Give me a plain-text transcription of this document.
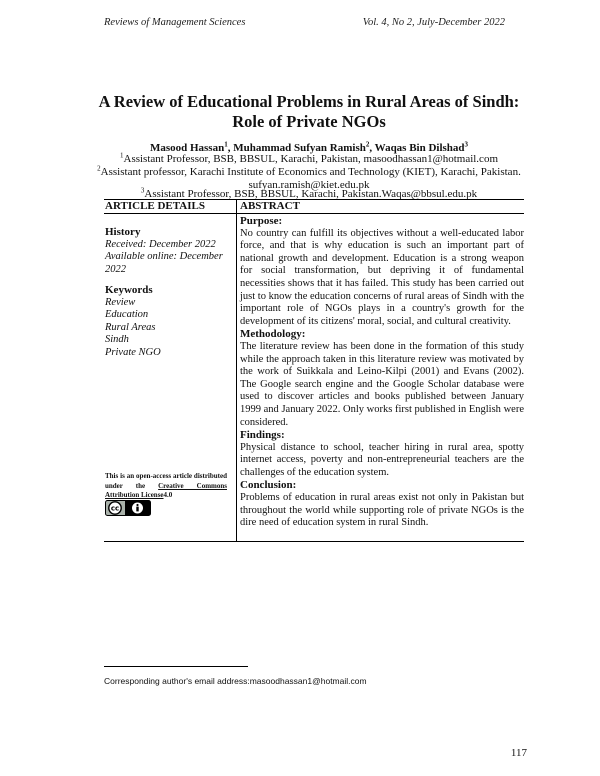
Reviews of Management Sciences	Vol. 4, No 2, July-December 2022
A Review of Educational Problems in Rural Areas of Sindh:
Role of Private NGOs
Masood Hassan$^1$, Muhammad Sufyan Ramish$^2$, Waqas Bin Dilshad$^3$
$^1$Assistant Professor, BSB, BBSUL, Karachi, Pakistan, masoodhassan1@hotmail.com
$^2$Assistant professor, Karachi Institute of Economics and Technology (KIET), Karachi, Pakistan.
sufyan.ramish@kiet.edu.pk
$^3$Assistant Professor, BSB, BBSUL, Karachi, Pakistan.Waqas@bbsul.edu.pk
ARTICLE DETAILS	ABSTRACT
History
Received: December 2022
Available online: December
2022
Keywords
Review
Education
Rural Areas
Sindh
Private NGO
This is an open-access article distributed under the Creative Commons Attribution License4.0
cc
Purpose:
No country can fulfill its objectives without a well-educated labor force, and that is why education is such an important part of national growth and development. Education is a strong weapon for social transformation, but depriving it of fundamental necessities shows that it has failed. This study has been carried out just to know the education concerns of rural areas of Sindh with the important role of NGOs plays in a country's growth for the development of its citizens' moral, social, and cultural creativity.
Methodology:
The literature review has been done in the formation of this study while the approach taken in this literature review was motivated by the work of Suikkala and Leino-Kilpi (2001) and Evans (2002). The Google search engine and the Google Scholar database were used to discover articles and books published between January 1999 and January 2022. Only works first published in English were considered.
Findings:
Physical distance to school, teacher hiring in rural area, spotty internet access, poverty and non-entrepreneurial teachers are the challenges of the education system.
Conclusion:
Problems of education in rural areas exist not only in Pakistan but throughout the world while supporting role of private NGOs is the dire need of education system in rural Sindh.
Corresponding author's email address:masoodhassan1@hotmail.com
117
